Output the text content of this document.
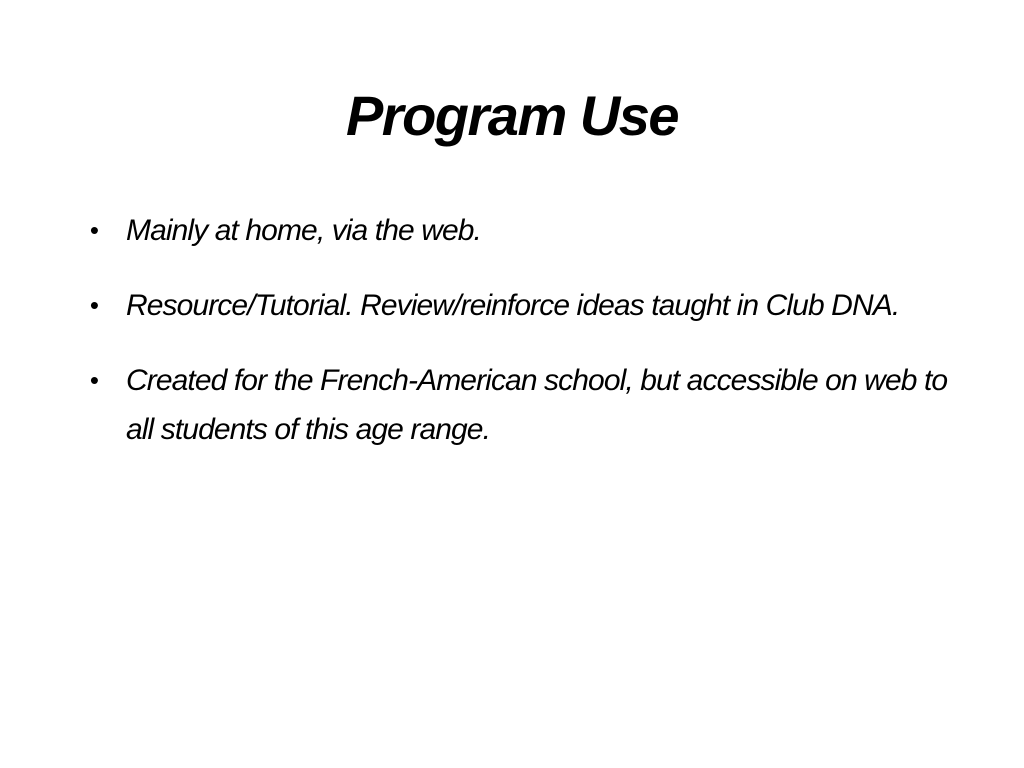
Program Use
• Mainly at home, via the web.
• Resource/Tutorial. Review/reinforce ideas taught in Club DNA.
• Created for the French-American school, but accessible on web to all students of this age range.
